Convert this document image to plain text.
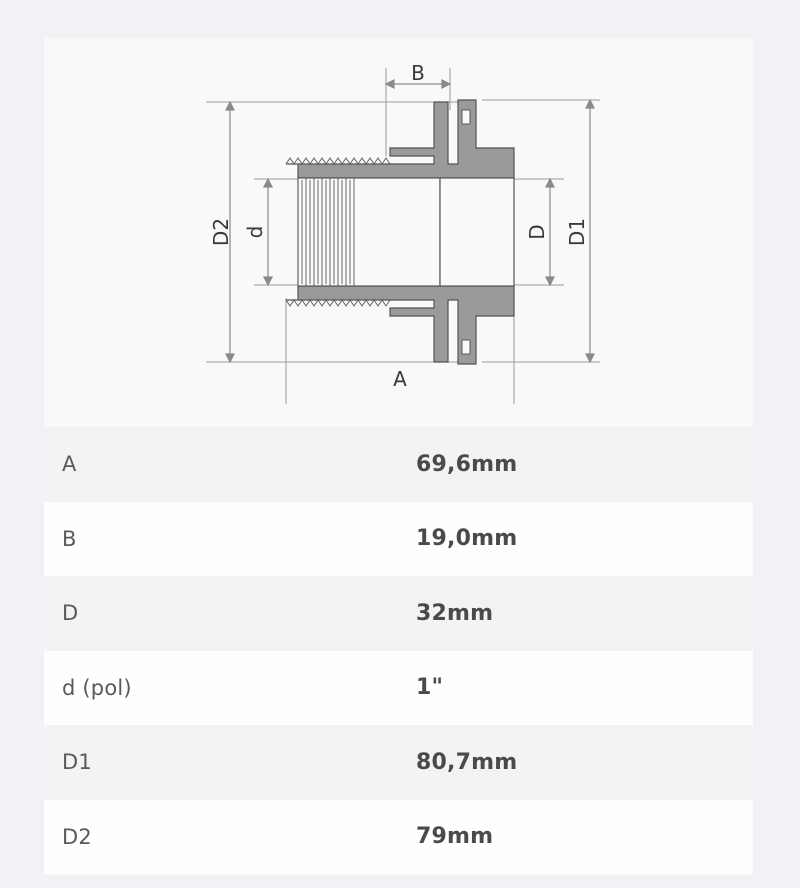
B
D2 d	D D1
A
A	69,6mm
B	19,0mm
D	32mm
d (pol)	1"
D1	80,7mm
D2	79mm
